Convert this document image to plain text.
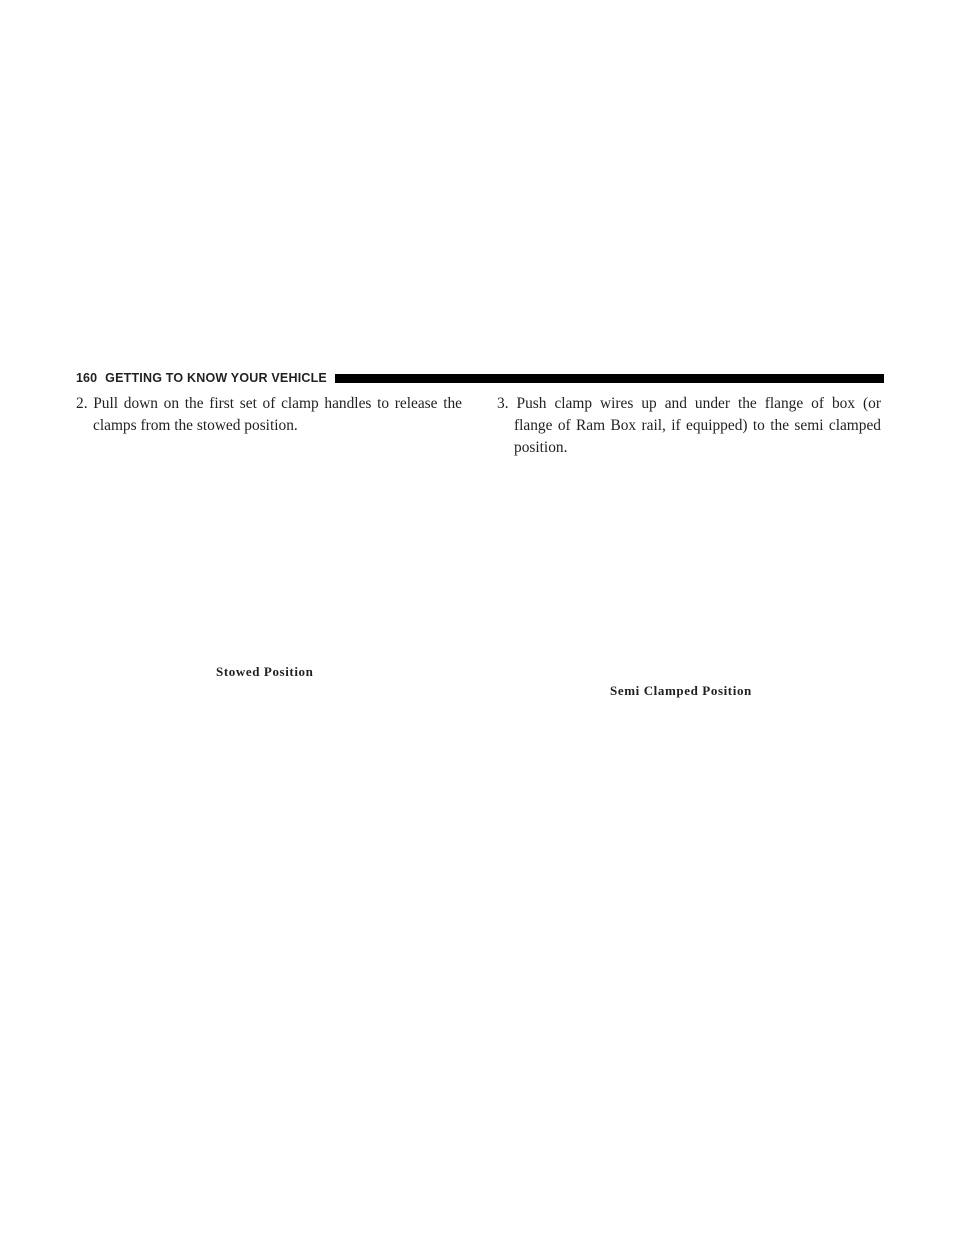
160 GETTING TO KNOW YOUR VEHICLE
2. Pull down on the first set of clamp handles to release the
clamps from the stowed position.
3. Push clamp wires up and under the flange of box (or
flange of Ram Box rail, if equipped) to the semi clamped
position.
Stowed Position
Semi Clamped Position
